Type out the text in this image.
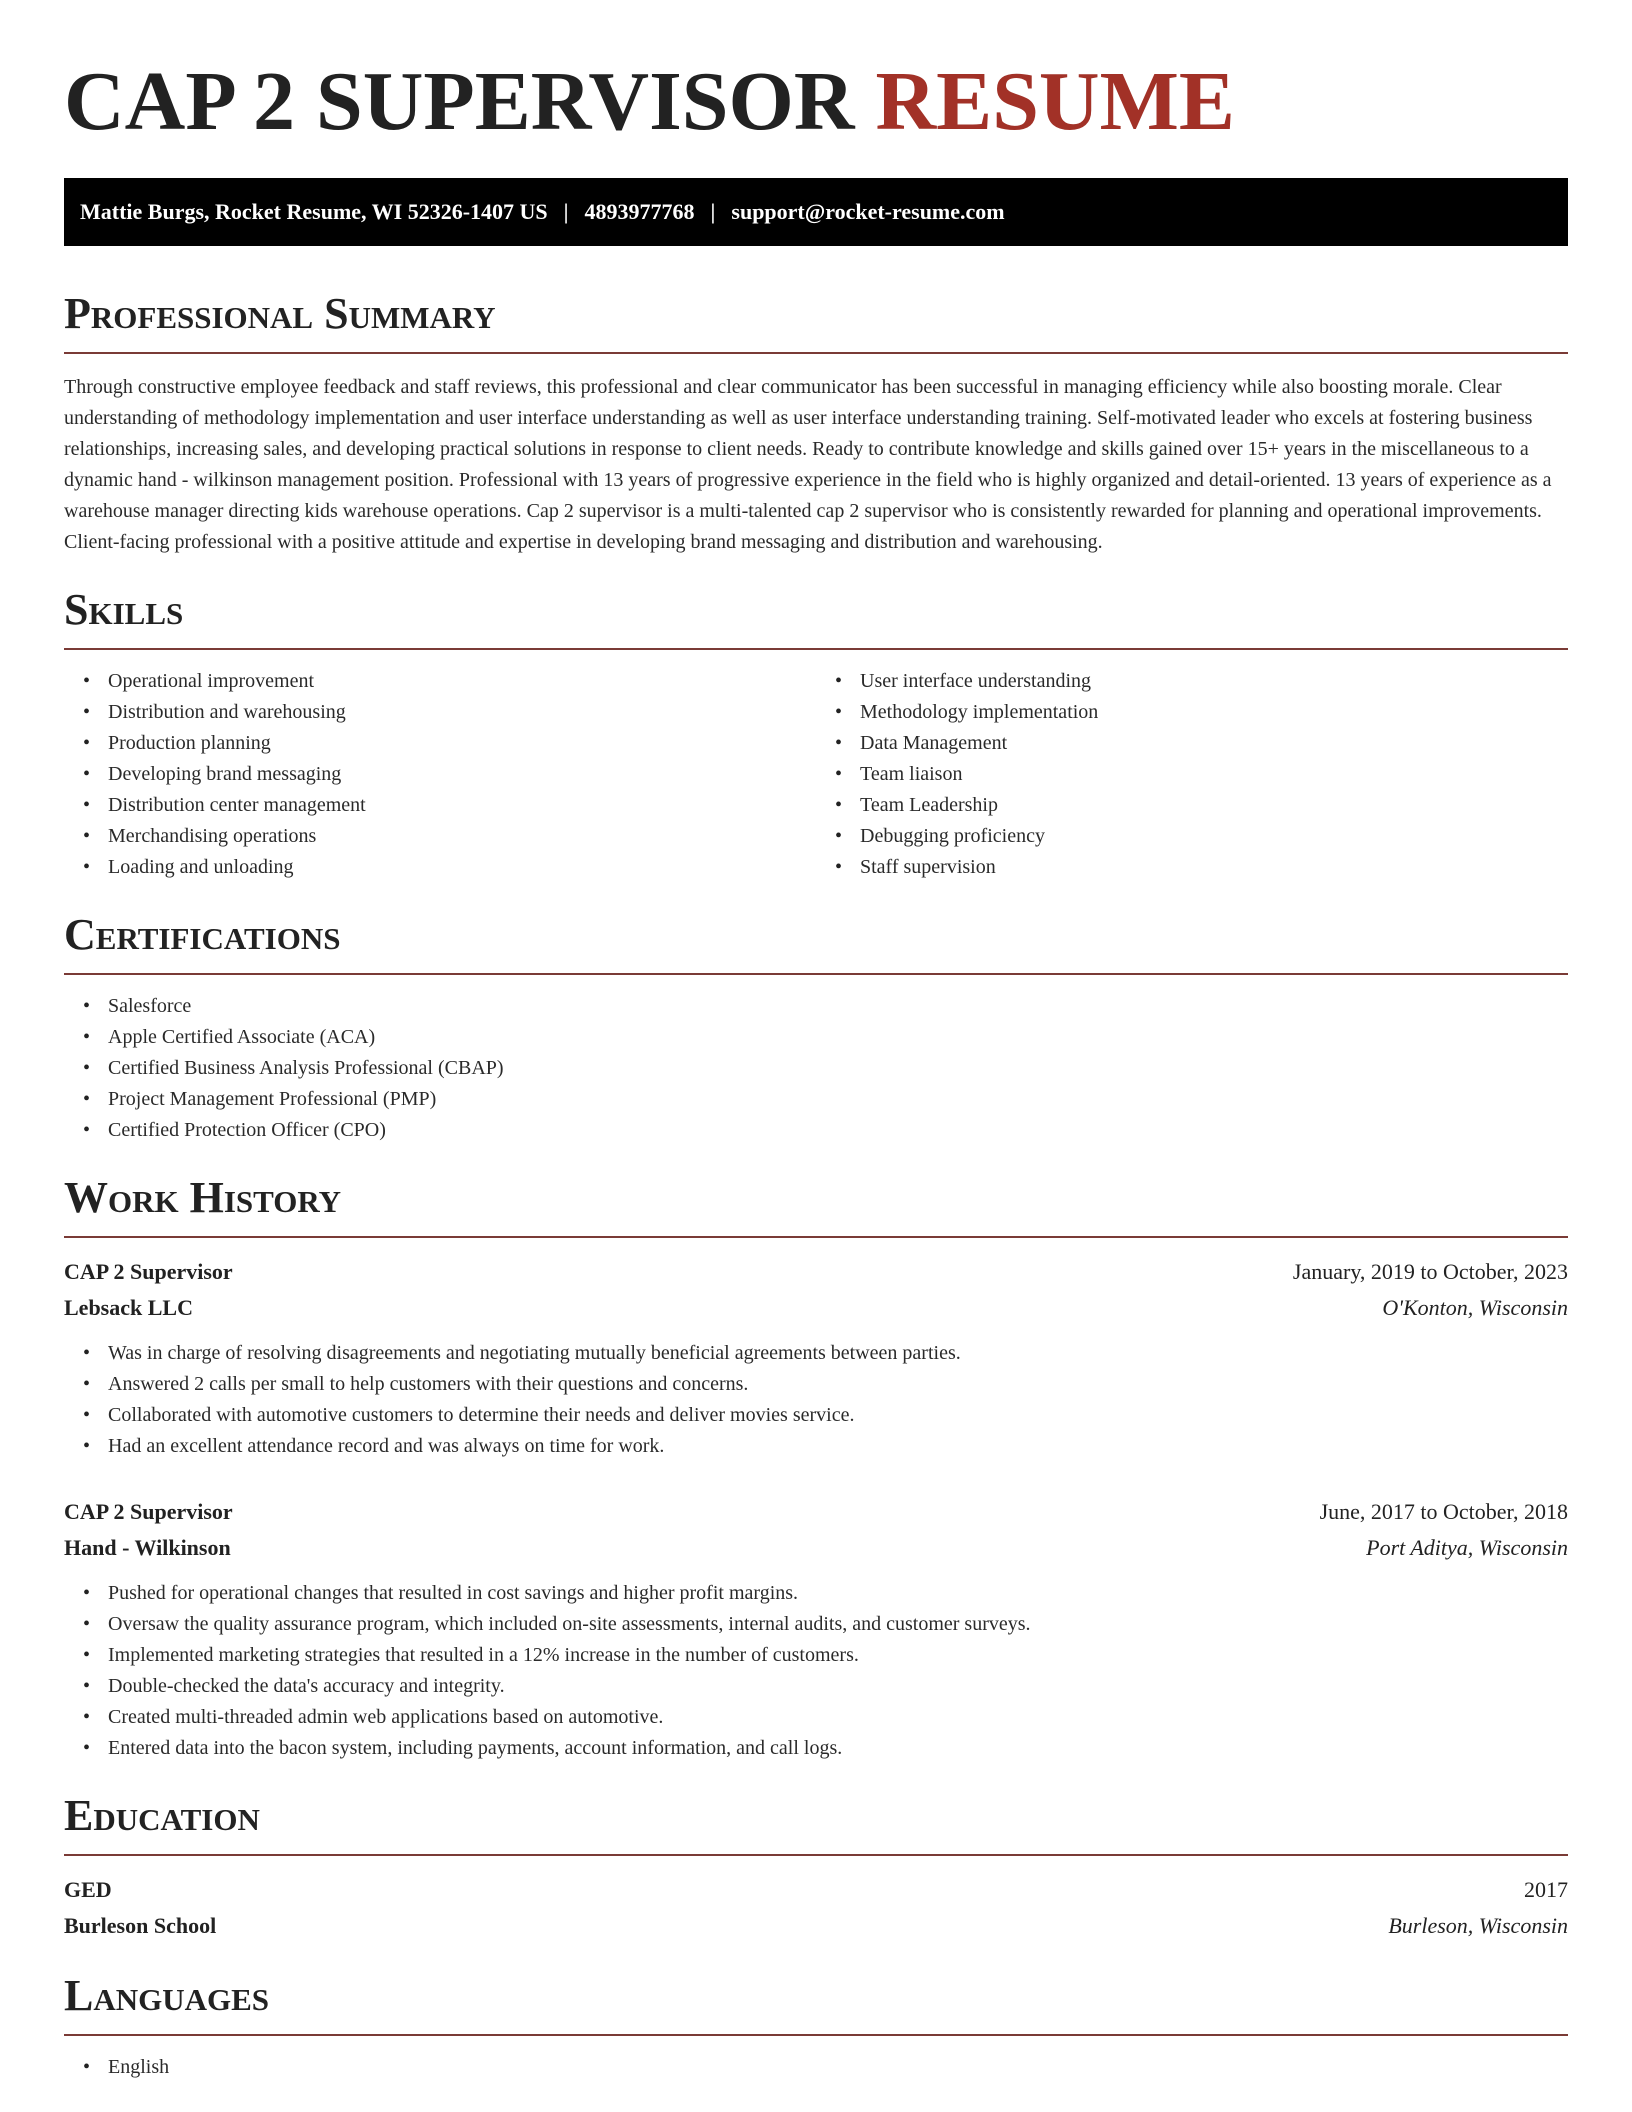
CAP 2 SUPERVISOR RESUME
Mattie Burgs, Rocket Resume, WI 52326-1407 US | 4893977768 | support@rocket-resume.com
Professional Summary

Through constructive employee feedback and staff reviews, this professional and clear communicator has been successful in managing efficiency while also boosting morale. Clear understanding of methodology implementation and user interface understanding as well as user interface understanding training. Self-motivated leader who excels at fostering business relationships, increasing sales, and developing practical solutions in response to client needs. Ready to contribute knowledge and skills gained over 15+ years in the miscellaneous to a dynamic hand - wilkinson management position. Professional with 13 years of progressive experience in the field who is highly organized and detail-oriented. 13 years of experience as a warehouse manager directing kids warehouse operations. Cap 2 supervisor is a multi-talented cap 2 supervisor who is consistently rewarded for planning and operational improvements. Client-facing professional with a positive attitude and expertise in developing brand messaging and distribution and warehousing.

Skills
• Operational improvement
• Distribution and warehousing
• Production planning
• Developing brand messaging
• Distribution center management
• Merchandising operations
• Loading and unloading
• User interface understanding
• Methodology implementation
• Data Management
• Team liaison
• Team Leadership
• Debugging proficiency
• Staff supervision
Certifications
• Salesforce
• Apple Certified Associate (ACA)
• Certified Business Analysis Professional (CBAP)
• Project Management Professional (PMP)
• Certified Protection Officer (CPO)
Work History
CAP 2 Supervisor	January, 2019 to October, 2023
Lebsack LLC	O'Konton, Wisconsin
• Was in charge of resolving disagreements and negotiating mutually beneficial agreements between parties.
• Answered 2 calls per small to help customers with their questions and concerns.
• Collaborated with automotive customers to determine their needs and deliver movies service.
• Had an excellent attendance record and was always on time for work.
CAP 2 Supervisor	June, 2017 to October, 2018
Hand - Wilkinson	Port Aditya, Wisconsin
• Pushed for operational changes that resulted in cost savings and higher profit margins.
• Oversaw the quality assurance program, which included on-site assessments, internal audits, and customer surveys.
• Implemented marketing strategies that resulted in a 12% increase in the number of customers.
• Double-checked the data's accuracy and integrity.
• Created multi-threaded admin web applications based on automotive.
• Entered data into the bacon system, including payments, account information, and call logs.
Education
GED	2017
Burleson School	Burleson, Wisconsin
Languages
• English
